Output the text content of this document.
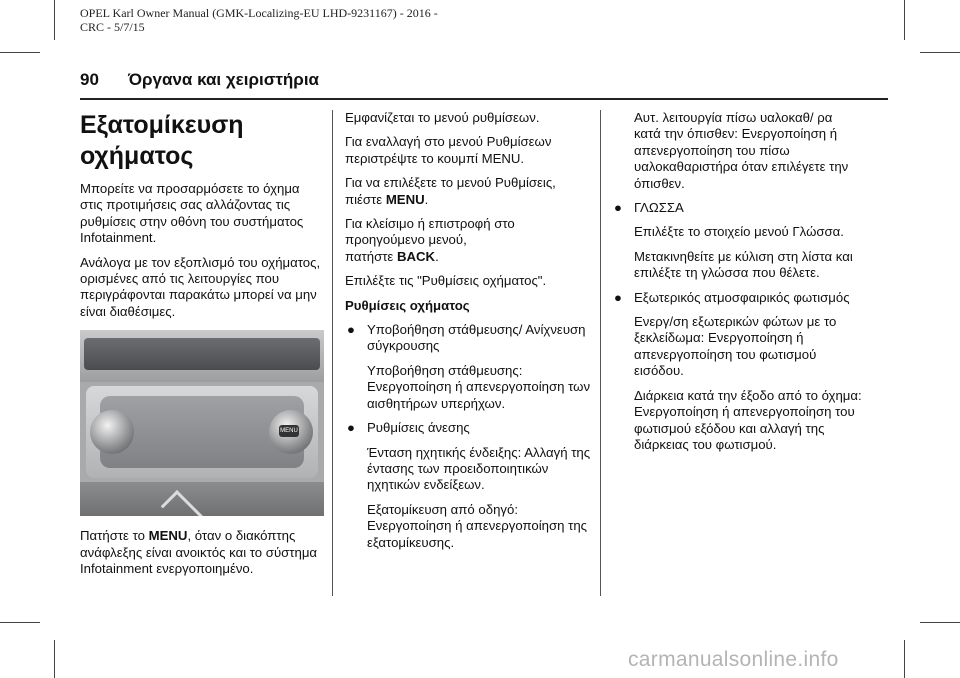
OPEL Karl Owner Manual (GMK-Localizing-EU LHD-9231167) - 2016 -
CRC - 5/7/15
90 Όργανα και χειριστήρια
Εξατομίκευση
οχήματος

Μπορείτε να προσαρμόσετε το όχημα στις προτιμήσεις σας αλλάζοντας τις ρυθμίσεις στην οθόνη του συστήματος Infotainment.

Ανάλογα με τον εξοπλισμό του οχήματος, ορισμένες από τις λειτουργίες που περιγράφονται παρακάτω μπορεί να μην είναι διαθέσιμες.

MENU

Πατήστε το MENU, όταν ο διακόπτης ανάφλεξης είναι ανοικτός και το σύστημα Infotainment ενεργοποιημένο.

Εμφανίζεται το μενού ρυθμίσεων.

Για εναλλαγή στο μενού Ρυθμίσεων περιστρέψτε το κουμπί MENU.

Για να επιλέξετε το μενού Ρυθμίσεις, πιέστε MENU.

Για κλείσιμο ή επιστροφή στο προηγούμενο μενού,
πατήστε BACK.

Επιλέξτε τις "Ρυθμίσεις οχήματος".

Ρυθμίσεις οχήματος
● Υποβοήθηση στάθμευσης/ Ανίχνευση σύγκρουσης

Υποβοήθηση στάθμευσης: Ενεργοποίηση ή απενεργοποίηση των αισθητήρων υπερήχων.

● Ρυθμίσεις άνεσης

Ένταση ηχητικής ένδειξης: Αλλαγή της έντασης των προειδοποιητικών ηχητικών ενδείξεων.

Εξατομίκευση από οδηγό: Ενεργοποίηση ή απενεργοποίηση της εξατομίκευσης.

Αυτ. λειτουργία πίσω υαλοκαθ/ ρα κατά την όπισθεν: Ενεργοποίηση ή απενεργοποίηση του πίσω υαλοκαθαριστήρα όταν επιλέγετε την όπισθεν.

● ΓΛΩΣΣΑ

Επιλέξτε το στοιχείο μενού Γλώσσα.

Μετακινηθείτε με κύλιση στη λίστα και επιλέξτε τη γλώσσα που θέλετε.

● Εξωτερικός ατμοσφαιρικός φωτισμός

Ενεργ/ση εξωτερικών φώτων με το ξεκλείδωμα: Ενεργοποίηση ή απενεργοποίηση του φωτισμού εισόδου.

Διάρκεια κατά την έξοδο από το όχημα: Ενεργοποίηση ή απενεργοποίηση του φωτισμού εξόδου και αλλαγή της διάρκειας του φωτισμού.

carmanualsonline.info
